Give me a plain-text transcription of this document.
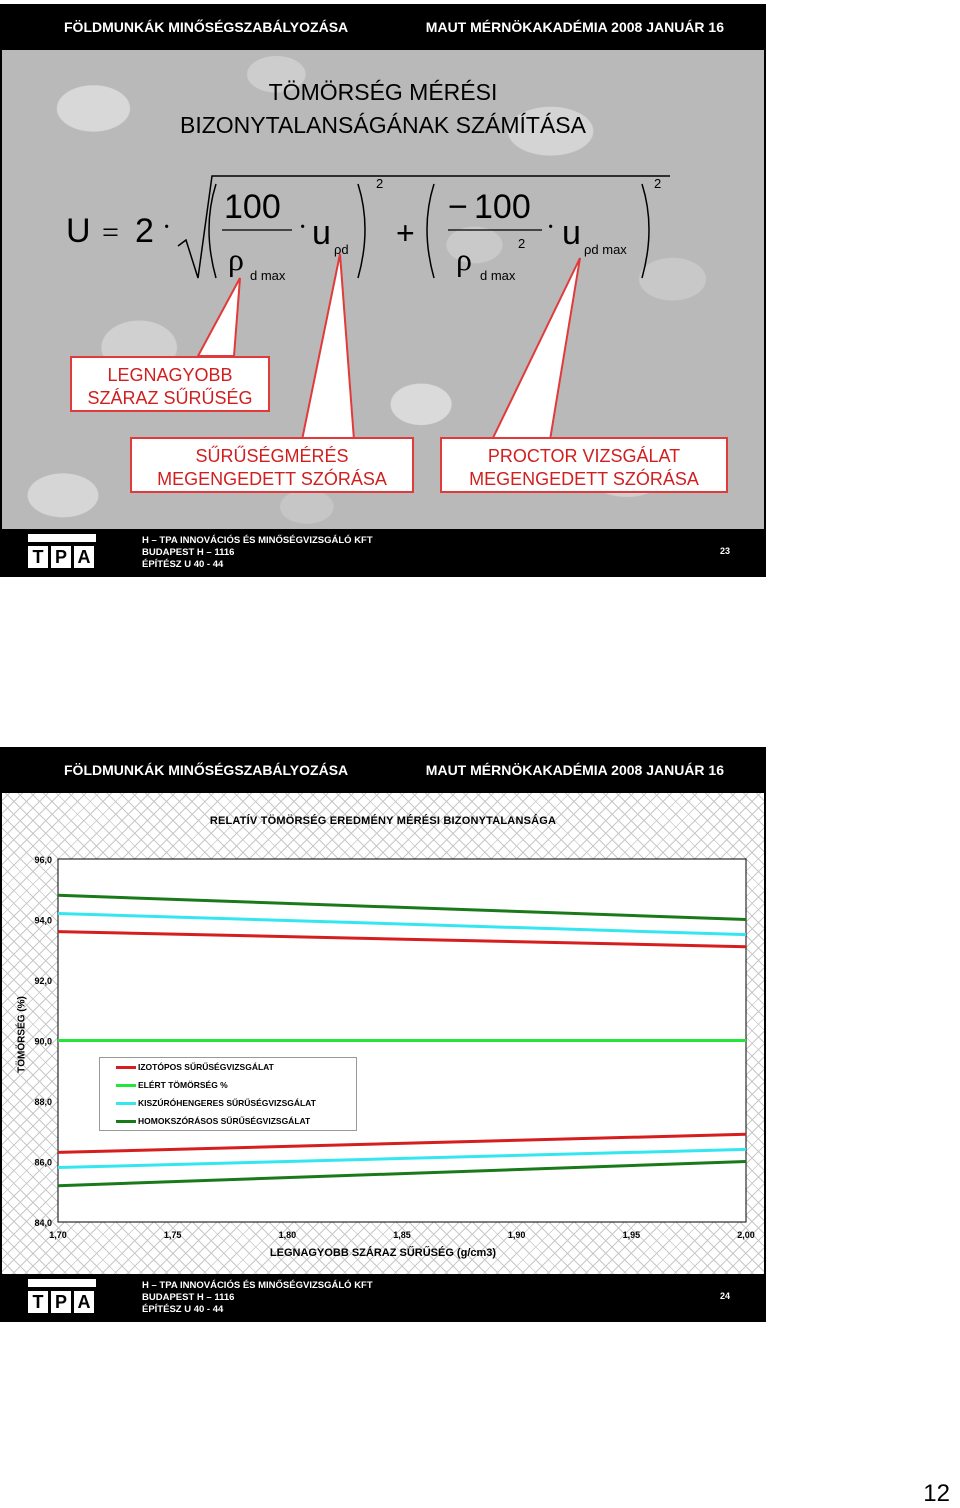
FÖLDMUNKÁK MINŐSÉGSZABÁLYOZÁSA	MAUT MÉRNÖKAKADÉMIA 2008 JANUÁR 16
TÖMÖRSÉG MÉRÉSI
BIZONYTALANSÁGÁNAK SZÁMÍTÁSA
U = 2 ·
100
ρ d max
· u ρd
2
+
− 100
ρ d max
2
· u ρd max
2
LEGNAGYOBB
SZÁRAZ SŰRŰSÉG
SŰRŰSÉGMÉRÉS
MEGENGEDETT SZÓRÁSA
PROCTOR VIZSGÁLAT
MEGENGEDETT SZÓRÁSA
T P A
H – TPA INNOVÁCIÓS ÉS MINŐSÉGVIZSGÁLÓ KFT
BUDAPEST H – 1116
ÉPÍTÉSZ U 40 - 44
23
FÖLDMUNKÁK MINŐSÉGSZABÁLYOZÁSA	MAUT MÉRNÖKAKADÉMIA 2008 JANUÁR 16
RELATÍV TÖMÖRSÉG EREDMÉNY MÉRÉSI BIZONYTALANSÁGA
96,0
94,0
92,0
90,0
88,0
86,0
84,0
1,70	1,75	1,80	1,85	1,90	1,95	2,00
TÖMÖRSÉG (%)
LEGNAGYOBB SZÁRAZ SŰRŰSÉG (g/cm3)
IZOTÓPOS SŰRŰSÉGVIZSGÁLAT
ELÉRT TÖMÖRSÉG %
KISZÚRÓHENGERES SŰRŰSÉGVIZSGÁLAT
HOMOKSZÓRÁSOS SŰRŰSÉGVIZSGÁLAT
T P A
H – TPA INNOVÁCIÓS ÉS MINŐSÉGVIZSGÁLÓ KFT
BUDAPEST H – 1116
ÉPÍTÉSZ U 40 - 44
24
12
